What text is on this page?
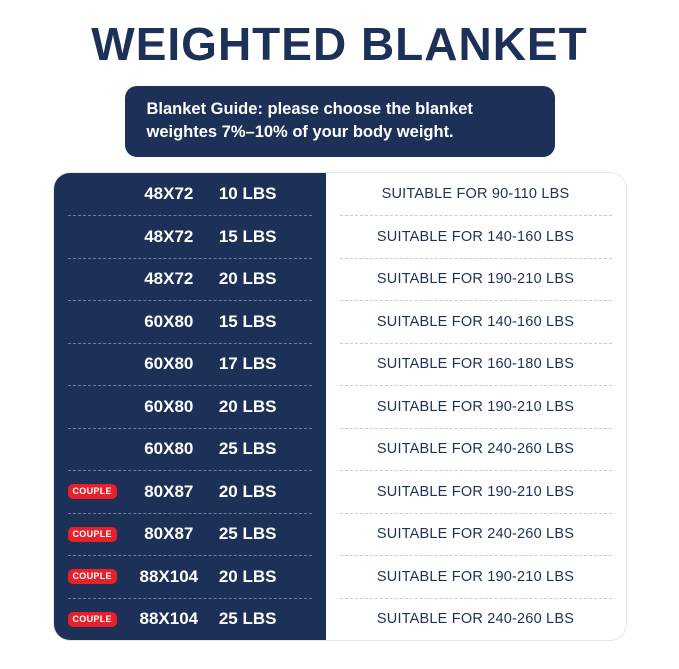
WEIGHTED BLANKET
Blanket Guide: please choose the blanket
weightes 7%–10% of your body weight.
48X72	10 LBS	SUITABLE FOR 90-110 LBS
48X72	15 LBS	SUITABLE FOR 140-160 LBS
48X72	20 LBS	SUITABLE FOR 190-210 LBS
60X80	15 LBS	SUITABLE FOR 140-160 LBS
60X80	17 LBS	SUITABLE FOR 160-180 LBS
60X80	20 LBS	SUITABLE FOR 190-210 LBS
60X80	25 LBS	SUITABLE FOR 240-260 LBS
COUPLE	80X87	20 LBS	SUITABLE FOR 190-210 LBS
COUPLE	80X87	25 LBS	SUITABLE FOR 240-260 LBS
COUPLE	88X104	20 LBS	SUITABLE FOR 190-210 LBS
COUPLE	88X104	25 LBS	SUITABLE FOR 240-260 LBS
